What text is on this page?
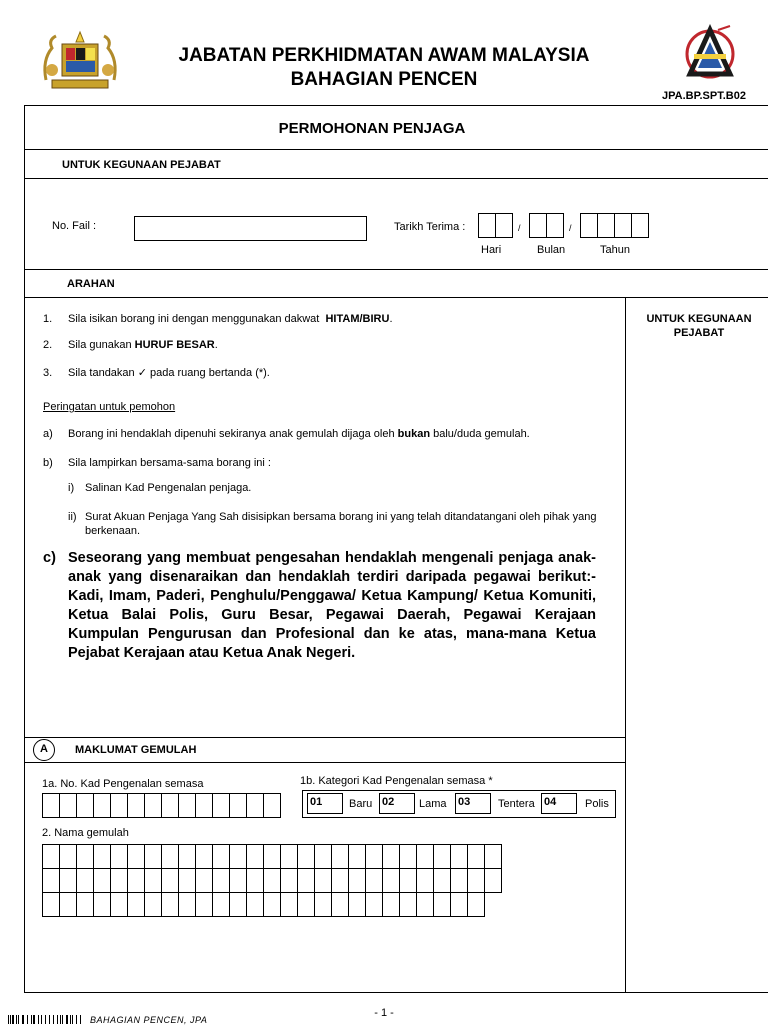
JABATAN PERKHIDMATAN AWAM MALAYSIA
BAHAGIAN PENCEN
JPA.BP.SPT.B02
PERMOHONAN PENJAGA
UNTUK KEGUNAAN PEJABAT
No. Fail :	Tarikh Terima :	/	/
Hari	Bulan	Tahun
ARAHAN
UNTUK KEGUNAAN PEJABAT
1. Sila isikan borang ini dengan menggunakan dakwat HITAM/BIRU.
2. Sila gunakan HURUF BESAR.
3. Sila tandakan ✓ pada ruang bertanda (*).
Peringatan untuk pemohon
a) Borang ini hendaklah dipenuhi sekiranya anak gemulah dijaga oleh bukan balu/duda gemulah.
b) Sila lampirkan bersama-sama borang ini :
i) Salinan Kad Pengenalan penjaga.
ii) Surat Akuan Penjaga Yang Sah disisipkan bersama borang ini yang telah ditandatangani oleh pihak yang berkenaan.
c) Seseorang yang membuat pengesahan hendaklah mengenali penjaga anak-anak yang disenaraikan dan hendaklah terdiri daripada pegawai berikut:- Kadi, Imam, Paderi, Penghulu/Penggawa/ Ketua Kampung/ Ketua Komuniti, Ketua Balai Polis, Guru Besar, Pegawai Daerah, Pegawai Kerajaan Kumpulan Pengurusan dan Profesional dan ke atas, mana-mana Ketua Pejabat Kerajaan atau Ketua Anak Negeri.
A	MAKLUMAT GEMULAH
1a. No. Kad Pengenalan semasa	1b. Kategori Kad Pengenalan semasa *
01	Baru 02	Lama 03	Tentera 04	Polis
2. Nama gemulah
- 1 -
BAHAGIAN PENCEN, JPA
